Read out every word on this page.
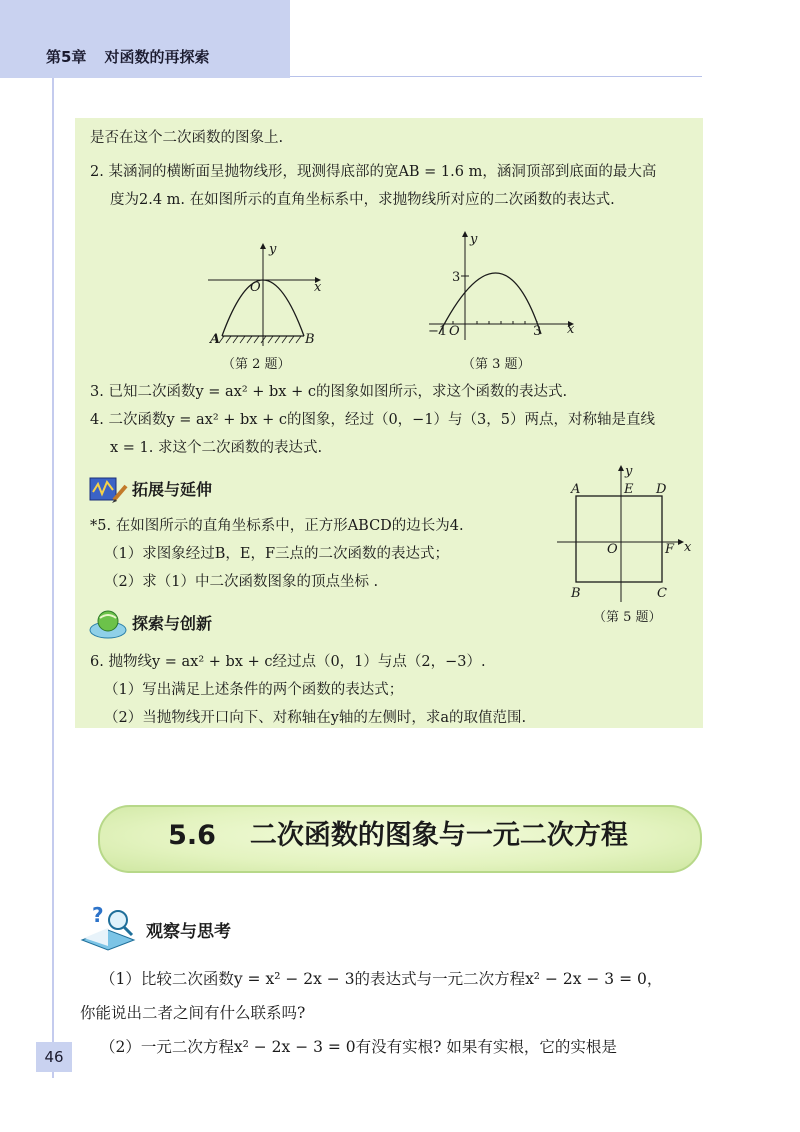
第5章 对函数的再探索
是否在这个二次函数的图象上.
2. 某涵洞的横断面呈抛物线形，现测得底部的宽AB = 1.6 m，涵洞顶部到底面的最大高
度为2.4 m. 在如图所示的直角坐标系中，求抛物线所对应的二次函数的表达式.
y
x
O
A	B
（第 2 题）
y
3
x
−1 O	3
（第 3 题）
3. 已知二次函数y = ax² + bx + c的图象如图所示，求这个函数的表达式.
4. 二次函数y = ax² + bx + c的图象，经过（0，−1）与（3，5）两点，对称轴是直线
x = 1. 求这个二次函数的表达式.
拓展与延伸
*5. 在如图所示的直角坐标系中，正方形ABCD的边长为4.
（1）求图象经过B，E，F三点的二次函数的表达式；
（2）求（1）中二次函数图象的顶点坐标 .
y
A	E D
O	F x
B	C
（第 5 题）
探索与创新
6. 抛物线y = ax² + bx + c经过点（0，1）与点（2，−3）.
（1）写出满足上述条件的两个函数的表达式；
（2）当抛物线开口向下、对称轴在y轴的左侧时，求a的取值范围.
5.6 二次函数的图象与一元二次方程
?
观察与思考
（1）比较二次函数y = x² − 2x − 3的表达式与一元二次方程x² − 2x − 3 = 0，
你能说出二者之间有什么联系吗?
（2）一元二次方程x² − 2x − 3 = 0有没有实根? 如果有实根，它的实根是
46
